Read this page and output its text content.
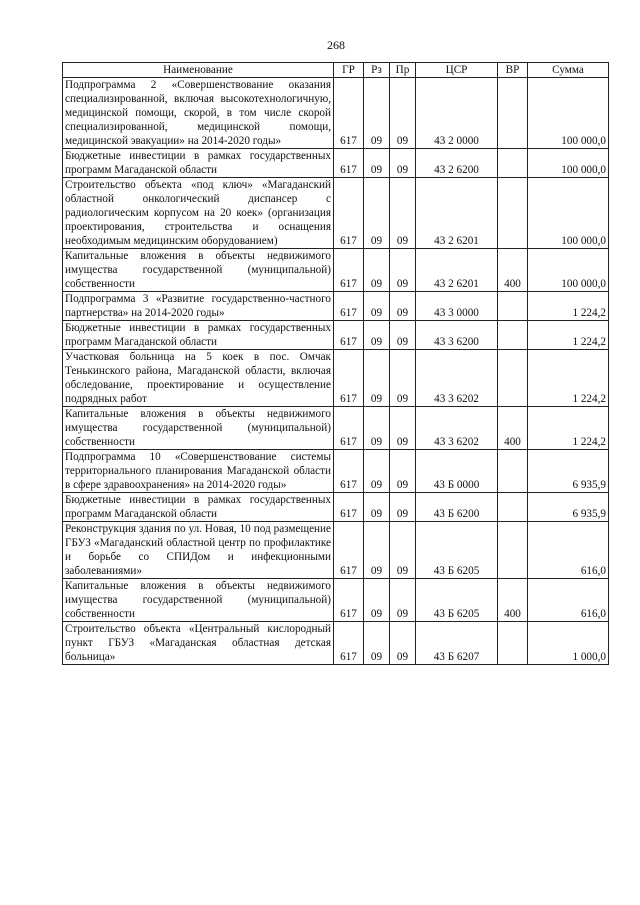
268
Наименование	ГР	Рз	Пр	ЦСР	ВР	Сумма
Подпрограмма 2 «Совершенствование оказания специализированной, включая высокотехнологичную, медицинской помощи, скорой, в том числе скорой специализированной, медицинской помощи, медицинской эвакуации» на 2014-2020 годы»	617	09	09	43 2 0000		100 000,0
Бюджетные инвестиции в рамках государственных программ Магаданской области	617	09	09	43 2 6200		100 000,0
Строительство объекта «под ключ» «Магаданский областной онкологический диспансер с радиологическим корпусом на 20 коек» (организация проектирования, строительства и оснащения необходимым медицинским оборудованием)	617	09	09	43 2 6201		100 000,0
Капитальные вложения в объекты недвижимого имущества государственной (муниципальной) собственности	617	09	09	43 2 6201	400	100 000,0
Подпрограмма 3 «Развитие государственно-частного партнерства» на 2014-2020 годы»	617	09	09	43 3 0000		1 224,2
Бюджетные инвестиции в рамках государственных программ Магаданской области	617	09	09	43 3 6200		1 224,2
Участковая больница на 5 коек в пос. Омчак Тенькинского района, Магаданской области, включая обследование, проектирование и осуществление подрядных работ	617	09	09	43 3 6202		1 224,2
Капитальные вложения в объекты недвижимого имущества государственной (муниципальной) собственности	617	09	09	43 3 6202	400	1 224,2
Подпрограмма 10 «Совершенствование системы территориального планирования Магаданской области в сфере здравоохранения» на 2014-2020 годы»	617	09	09	43 Б 0000		6 935,9
Бюджетные инвестиции в рамках государственных программ Магаданской области	617	09	09	43 Б 6200		6 935,9
Реконструкция здания по ул. Новая, 10 под размещение ГБУЗ «Магаданский областной центр по профилактике и борьбе со СПИДом и инфекционными заболеваниями»	617	09	09	43 Б 6205		616,0
Капитальные вложения в объекты недвижимого имущества государственной (муниципальной) собственности	617	09	09	43 Б 6205	400	616,0
Строительство объекта «Центральный кислородный пункт ГБУЗ «Магаданская областная детская больница»	617	09	09	43 Б 6207		1 000,0
